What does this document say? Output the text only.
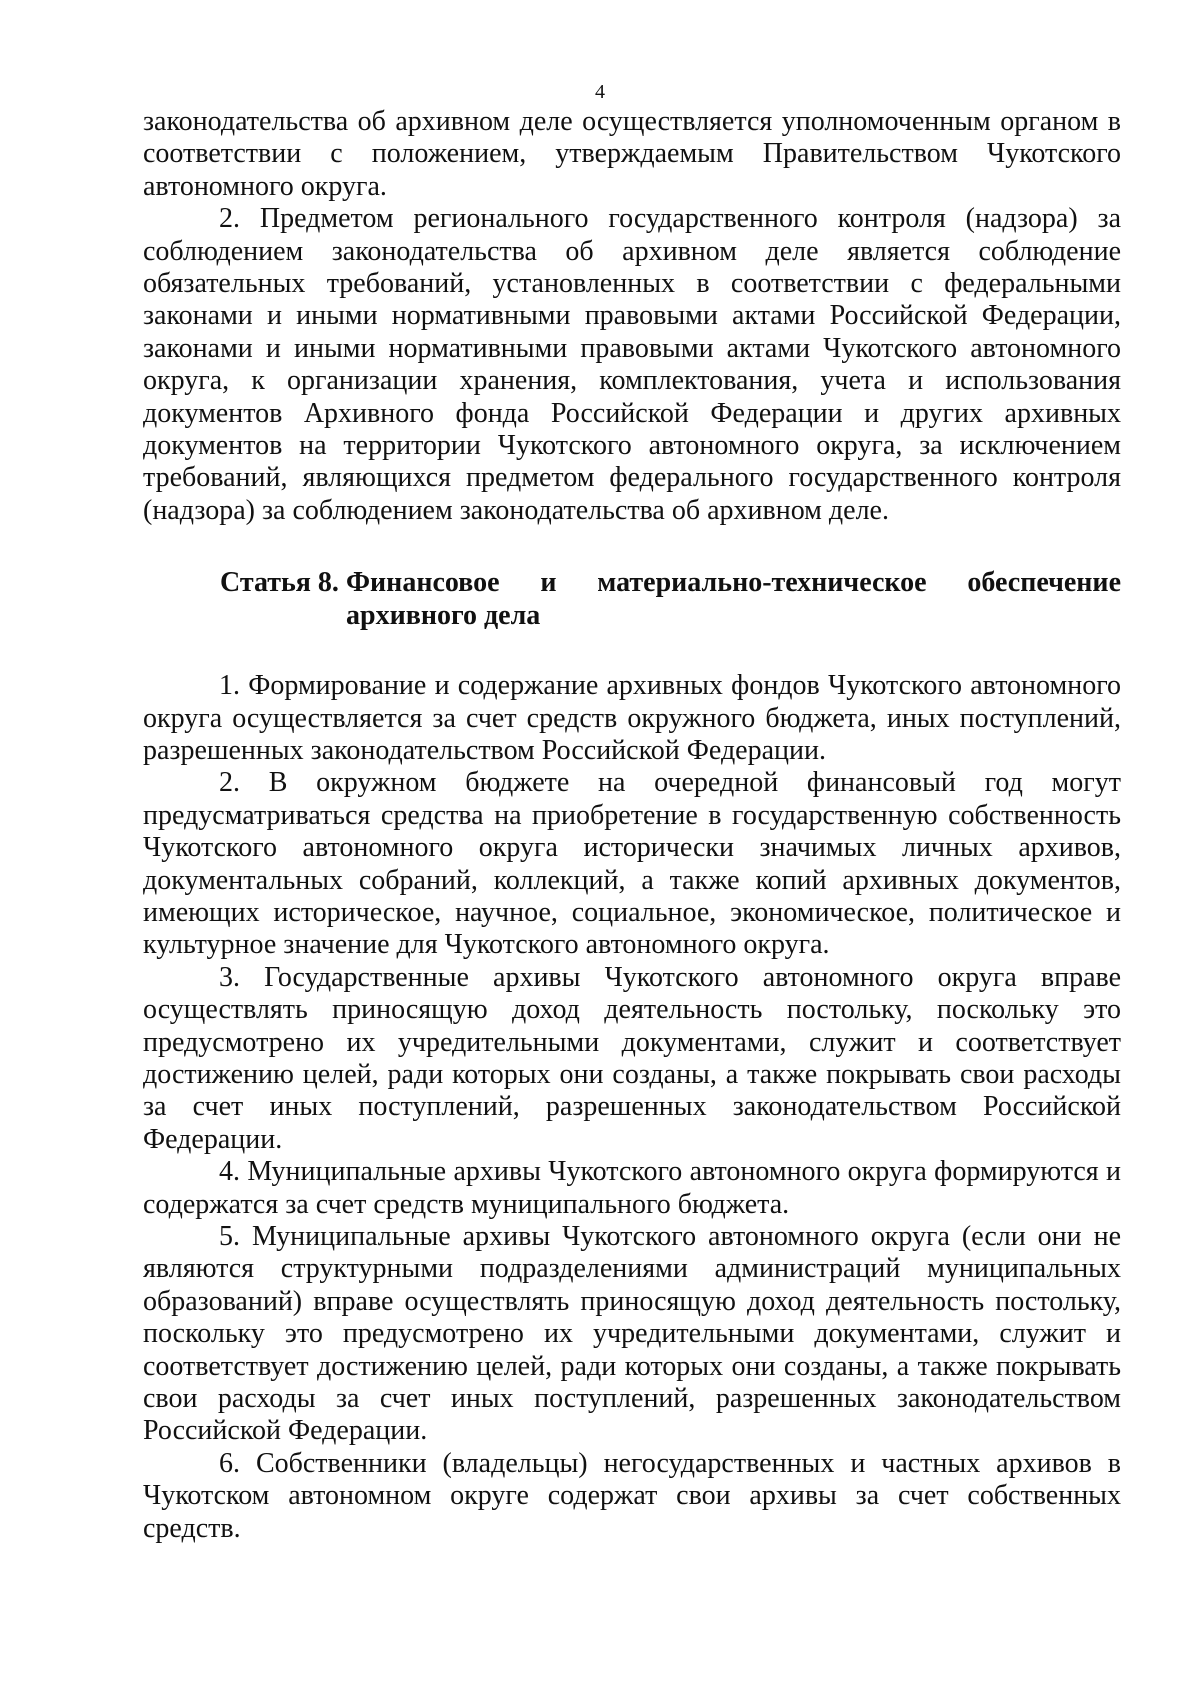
4

законодательства об архивном деле осуществляется уполномоченным органом в соответствии с положением, утверждаемым Правительством Чукотского автономного округа.

2. Предметом регионального государственного контроля (надзора) за соблюдением законодательства об архивном деле является соблюдение обязательных требований, установленных в соответствии с федеральными законами и иными нормативными правовыми актами Российской Федерации, законами и иными нормативными правовыми актами Чукотского автономного округа, к организации хранения, комплектования, учета и использования документов Архивного фонда Российской Федерации и других архивных документов на территории Чукотского автономного округа, за исключением требований, являющихся предметом федерального государственного контроля (надзора) за соблюдением законодательства об архивном деле.

Статья 8. Финансовое и материально-техническое обеспечение архивного дела

1. Формирование и содержание архивных фондов Чукотского автономного округа осуществляется за счет средств окружного бюджета, иных поступлений, разрешенных законодательством Российской Федерации.

2. В окружном бюджете на очередной финансовый год могут предусматриваться средства на приобретение в государственную собственность Чукотского автономного округа исторически значимых личных архивов, документальных собраний, коллекций, а также копий архивных документов, имеющих историческое, научное, социальное, экономическое, политическое и культурное значение для Чукотского автономного округа.

3. Государственные архивы Чукотского автономного округа вправе осуществлять приносящую доход деятельность постольку, поскольку это предусмотрено их учредительными документами, служит и соответствует достижению целей, ради которых они созданы, а также покрывать свои расходы за счет иных поступлений, разрешенных законодательством Российской Федерации.

4. Муниципальные архивы Чукотского автономного округа формируются и содержатся за счет средств муниципального бюджета.

5. Муниципальные архивы Чукотского автономного округа (если они не являются структурными подразделениями администраций муниципальных образований) вправе осуществлять приносящую доход деятельность постольку, поскольку это предусмотрено их учредительными документами, служит и соответствует достижению целей, ради которых они созданы, а также покрывать свои расходы за счет иных поступлений, разрешенных законодательством Российской Федерации.

6. Собственники (владельцы) негосударственных и частных архивов в Чукотском автономном округе содержат свои архивы за счет собственных средств.
